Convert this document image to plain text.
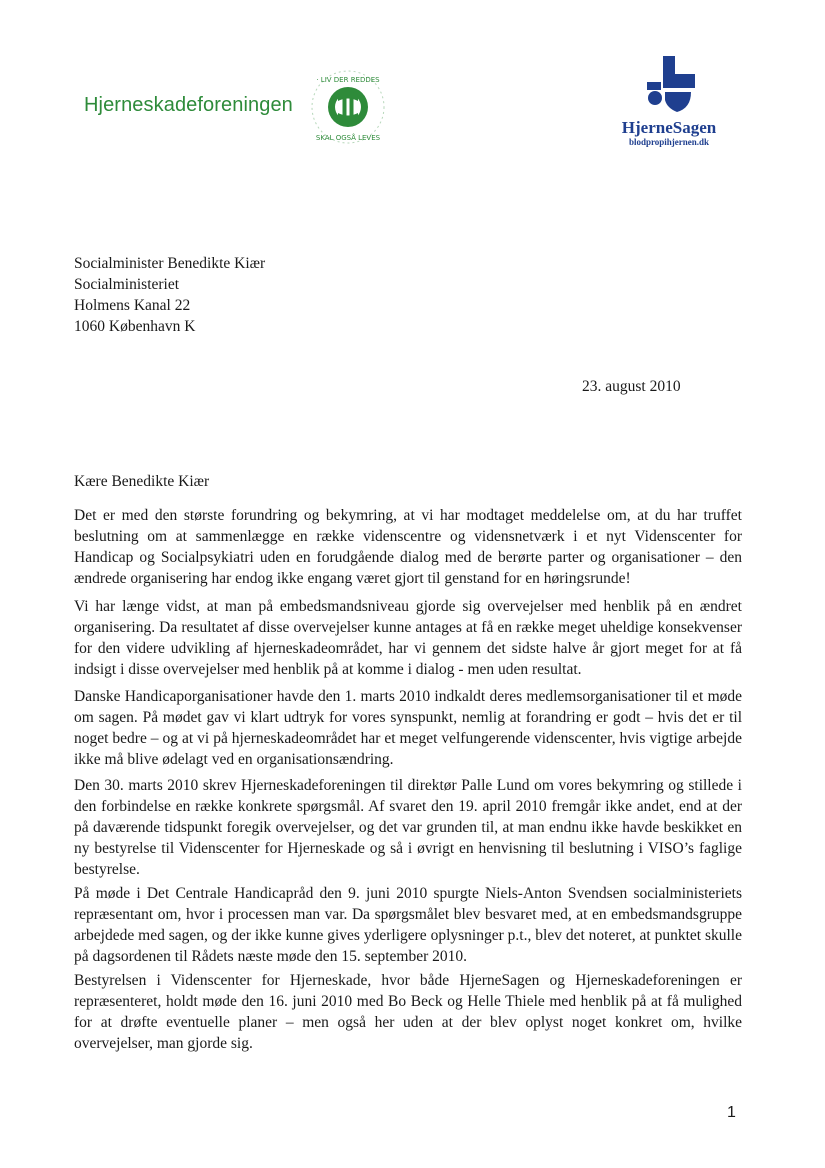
Hjerneskadeforeningen
· LIV DER REDDES
SKAL OGSÅ LEVES
HjerneSagen
blodpropihjernen.dk
Socialminister Benedikte Kiær
Socialministeriet
Holmens Kanal 22
1060 København K
23. august 2010
Kære Benedikte Kiær
Det er med den største forundring og bekymring, at vi har modtaget meddelelse om, at du har truffet beslutning om at sammenlægge en række videnscentre og vidensnetværk i et nyt Videnscenter for Handicap og Socialpsykiatri uden en forudgående dialog med de berørte parter og organisationer – den ændrede organisering har endog ikke engang været gjort til genstand for en høringsrunde!
Vi har længe vidst, at man på embedsmandsniveau gjorde sig overvejelser med henblik på en ændret organisering. Da resultatet af disse overvejelser kunne antages at få en række meget uheldige konsekvenser for den videre udvikling af hjerneskadeområdet, har vi gennem det sidste halve år gjort meget for at få indsigt i disse overvejelser med henblik på at komme i dialog - men uden resultat.
Danske Handicaporganisationer havde den 1. marts 2010 indkaldt deres medlemsorganisationer til et møde om sagen. På mødet gav vi klart udtryk for vores synspunkt, nemlig at forandring er godt – hvis det er til noget bedre – og at vi på hjerneskadeområdet har et meget velfungerende videnscenter, hvis vigtige arbejde ikke må blive ødelagt ved en organisationsændring.
Den 30. marts 2010 skrev Hjerneskadeforeningen til direktør Palle Lund om vores bekymring og stillede i den forbindelse en række konkrete spørgsmål. Af svaret den 19. april 2010 fremgår ikke andet, end at der på daværende tidspunkt foregik overvejelser, og det var grunden til, at man endnu ikke havde beskikket en ny bestyrelse til Videnscenter for Hjerneskade og så i øvrigt en henvisning til beslutning i VISO’s faglige bestyrelse.
På møde i Det Centrale Handicapråd den 9. juni 2010 spurgte Niels-Anton Svendsen socialministeriets repræsentant om, hvor i processen man var. Da spørgsmålet blev besvaret med, at en embedsmandsgruppe arbejdede med sagen, og der ikke kunne gives yderligere oplysninger p.t., blev det noteret, at punktet skulle på dagsordenen til Rådets næste møde den 15. september 2010.
Bestyrelsen i Videnscenter for Hjerneskade, hvor både HjerneSagen og Hjerneskadeforeningen er repræsenteret, holdt møde den 16. juni 2010 med Bo Beck og Helle Thiele med henblik på at få mulighed for at drøfte eventuelle planer – men også her uden at der blev oplyst noget konkret om, hvilke overvejelser, man gjorde sig.
1
